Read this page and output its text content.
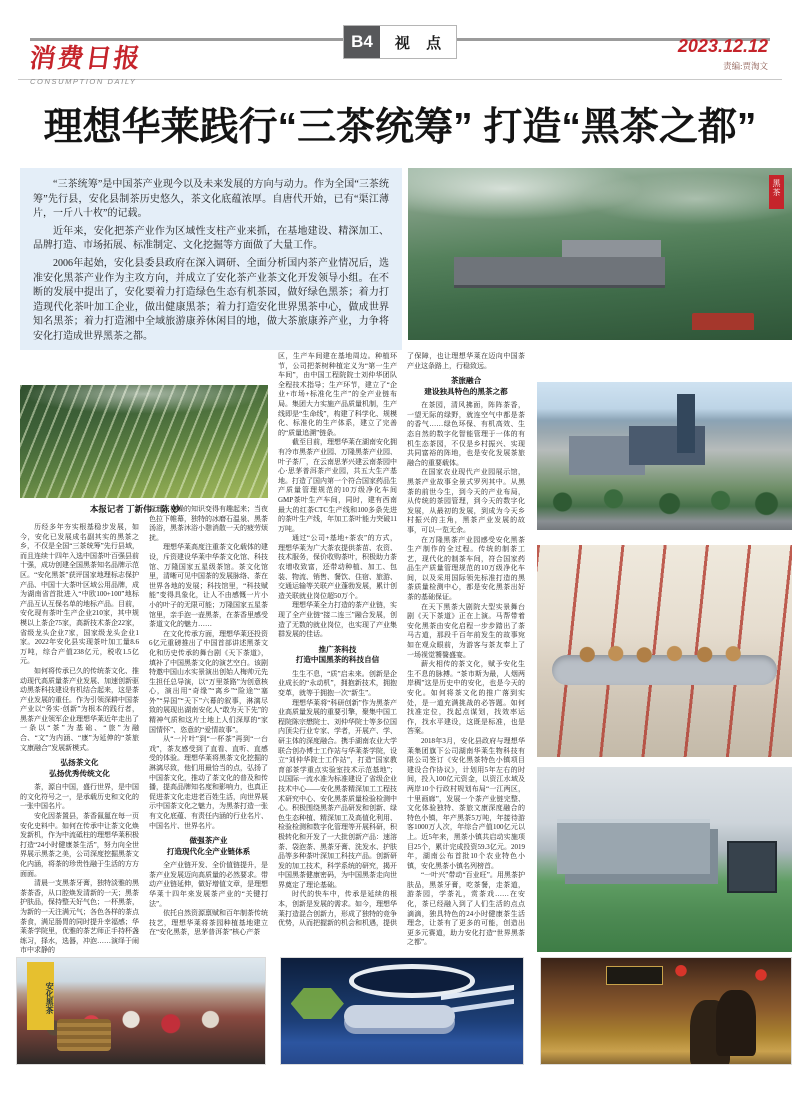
消费日报
CONSUMPTION DAILY
B4	视 点	2023.12.12
责编:贾淘文
理想华莱践行“三茶统筹” 打造“黑茶之都”

“三茶统筹”是中国茶产业现今以及未来发展的方向与动力。作为全国“三茶统筹”先行县，安化县制茶历史悠久，茶文化底蕴浓厚。自唐代开始，已有“渠江薄片，一斤八十枚”的记载。

近年来，安化把茶产业作为区域性支柱产业来抓，在基地建设、精深加工、品牌打造、市场拓展、标准制定、文化挖掘等方面做了大量工作。

2006年起始，安化县委县政府在深入调研、全面分析国内茶产业情况后，选准安化黑茶产业作为主攻方向，并成立了安化茶产业茶文化开发领导小组。在不断的发展中提出了，安化要着力打造绿色生态有机茶园，做好绿色黑茶；着力打造现代化茶叶加工企业，做出健康黑茶；着力打造安化世界黑茶中心，做成世界知名黑茶；着力打造湘中全域旅游康养休闲目的地，做大茶旅康养产业，力争将安化打造成世界黑茶之都。

黑茶
本报记者 丁新伟 □ 陈 妙

历经多年夯实根基稳步发展，如今，安化已发展成名副其实的黑茶之乡，不仅是全国“三茶统筹”先行县域，而且连续十四年入选中国茶叶百强县前十强，成功创建全国黑茶知名品牌示范区。“安化黑茶”获评国家地理标志保护产品、中国十大茶叶区域公用品牌，成为湖南省首批进入“中欧100+100”地标产品互认互保名单的地标产品。目前，安化现有茶叶生产企业210家，其中规模以上茶企75家，高新技术茶企22家，省级龙头企业7家，国家级龙头企业1家。2022年安化县实现茶叶加工量8.6万吨，综合产值238亿元，税收1.5亿元。

如何将传承已久的传统茶文化、推动现代高质量茶产业发展、加速创新驱动黑茶科技建设有机结合起来，这是茶产业发展的重任。作为引领深耕中国茶产业以“务实·创新”为根本的践行者，黑茶产业领军企业理想华莱近年走出了一条以“茶”为基础、“旅”为融合、“文”为内涵、“康”为延伸的“茶旅文康融合”发展新模式。

弘扬茶文化
弘扬优秀传统文化

茶，源自中国，盛行世界，是中国的文化符号之一，是承载历史和文化的一张中国名片。

安化因茶置县，茶香氤氲在每一页安化史料中。如何在传承中让茶文化焕发新机，作为中流砥柱的理想华莱积极打造“24小时健康茶生活”，努力向全世界展示黑茶之美，公司深度挖掘黑茶文化内涵，将茶的珍贵性融于生活的方方面面。

清晨一支黑茶牙膏，独特淡雅的黑茶茶香，从口腔焕发清新的一天；黑茶护肤品，保持整天好气色；一杯黑茶，为新的一天注满元气；各色各样的茶点茶食，满足肠胃的同时提升幸福感；华莱茶学院里，优雅的茶艺师正手持杯盏练习，择水，选器，冲泡……演绎于闹市中求静的

原理，枯燥的知识变得有趣起来；当夜色拉下帷幕，独特的冰磨石温泉、黑茶汤浴，黑茶沐浴小憩消散一天的疲劳烦扰。

理想华莱高度注重茶文化载体的建设，斥资建设华莱中华茶文化馆、科技馆、万隆国家五星级茶馆。茶文化馆里，清晰可见中国茶的发展脉络、茶在世界各地的发展；科技馆里，“科技赋能”变得具象化，让人不由感慨一片小小的叶子的无限可能；万隆国家五星茶馆里，亲手泡一壶黑茶，在茶香里感受茶道文化的魅力……

在文化传承方面，理想华莱还投资6亿元重磅推出了中国首部讲述黑茶文化和历史传承的舞台剧《天下茶道》，填补了中国黑茶文化的演艺空白。该剧特邀中国山水实景演出创始人梅帅元先生担任总导演，以“万里茶路”为创意核心，演出用“奇缘”“离乡”“险途”“塞外”“异国”“天下”六幕的叙事，淋漓尽致的展现出湖南安化人“敢为天下先”的精神气质和这片土地上人们深厚的“家国情怀”、恣意的“爱情故事”。

从“一片叶”到“一杯茶”再到“一台戏”，茶友感受到了直看、直听、直感受的体验。理想华莱将黑茶文化挖掘的淋漓尽致，他们用最恰当的点，弘扬了中国茶文化，推动了茶文化的普及和传播，提高品牌知名度和影响力，也真正促进茶文化走进老百姓生活，向世界展示中国茶文化之魅力，为黑茶打造一张有文化底蕴、有责任内涵的行业名片、中国名片、世界名片。

做强茶产业
打造现代化全产业链体系

全产业链开发、全价值链提升，是茶产业发展迈向高质量的必然要求。带动产业链延伸，做好增值文章，是理想华莱十四年来发展茶产业的“关键打法”。

依托自然资源禀赋和百年制茶传统技艺，理想华莱将茶园种植基地建立在“安化黑茶，思茅普洱茶”核心产茶

区，生产车间建在基地周边。种植环节，公司把茶树种植定义为“第一生产车间”，由中国工程院院士刘仲华团队全程技术指导；生产环节，建立了“企业+市场+标准化生产”的全产业链布局。集团大力实施产品质量机制，生产线即是“生命线”，构建了科学化、规模化、标准化的生产体系，建立了完善的“质量追溯”链条。

截至目前，理想华莱在湖南安化拥有冷市黑茶产业园、万隆黑茶产业园、叶子茶厂，在云南思茅兴建云南茶园中心·思茅普洱茶产业园，共五大生产基地。打造了国内第一个符合国家药品生产质量管理规范的10万级净化车间GMP茶叶生产车间，同时，建有西南最大的红茶CTC生产线和100多条先进的茶叶生产线，年加工茶叶能力突破11万吨。

通过“公司+基地+茶农”的方式，理想华莱为广大茶农提供茶苗、农资、技术服务，保价收购茶叶，积极助力茶农增收致富，还带动种植、加工、包装、物流、销售、餐饮、住宿、旅游、交通运输等关联产业蓬勃发展，累计创造关联就业岗位超50万个。

理想华莱全力打造的茶产业链，实现了全产业链“接二连三”融合发展，创造了无数的就业岗位，也实现了产业集群发展的佳话。

推广茶科技
打造中国黑茶的科技自信

生生不息，“质”启未来。创新是企业成长的“永动机”，拥抱新技术，拥抱变革，就等于拥抱一次“新生”。

理想华莱将“科研创新”作为黑茶产业高质量发展的重要引擎，聚集中国工程院陈宗懋院士、刘仲华院士等多位国内顶尖行业专家、学者，开展产、学、研主体的深度融合。携手湖南农业大学联合创办博士工作站与华莱茶学院，设立“刘仲华院士工作站”，打造“国家教育部茶学重点实验室技术示范基地”；以国际一流水准为标准建设了省级企业技术中心——安化黑茶精深加工工程技术研究中心、安化黑茶质量检验检测中心。积极围绕黑茶产品研发和创新、绿色生态种植、精深加工及高值化利用、检验检测和数字化管理等开展科研，积极转化和开发了一大批创新产品：速溶茶、袋泡茶、黑茶牙膏、洗发水、护肤品等多种茶叶深加工科技产品。创新研发的加工技术，科学系统的研究，揭开中国黑茶健康密码，为中国黑茶走向世界奠定了理论基础。

时代的快车中，传承是延续的根本，创新是发展的需求。如今，理想华莱打造混合创新力，形成了独特的竞争优势，从而把握新的机会和机遇，提供

了保障，也让理想华莱在迈向中国茶产业这条路上，行稳致远。

茶旅融合
建设独具特色的黑茶之都

在茶园，清风拂面，阵阵茶香，一望无际的绿野，就连空气中都是茶的香气……绿色环保、有机高效、生态自然的数字化智能管理于一体的有机生态茶园，不仅是乡村振兴、实现共同富裕的阵地，也是安化发展茶旅融合的重要载体。

在国家农业现代产业园展示馆，黑茶产业故事全景式罗列其中。从黑茶的前世今生，到今天的产业布局，从传统的茶园管理，到今天的数字化发展，从最初的发展，到成为今天乡村振兴的主角，黑茶产业发展的故事，可以一览无余。

在万隆黑茶产业园感受安化黑茶生产制作的全过程。传统的制茶工艺，现代化的制茶车间，符合国家药品生产质量管理规范的10万级净化车间，以及采用国际领先标准打造的黑茶质量检测中心，都是安化黑茶出好茶的基础保证。

在天下黑茶大剧院大型实景舞台剧《天下茶道》正在上演。马帮带着安化黑茶由安化启程一步步踏出了茶马古道，那段千百年前发生的故事宛如在观众眼前，为游客与茶友奉上了一场视觉饕餮盛宴。

薪火相传的茶文化，赋予安化生生不息的脉搏。“茶市斯为最，人烟两岸稠”这是历史中的安化，也是今天的安化。如何将茶文化的推广落到实处，是一道充满挑战的必答题。如何找准定位，找起点谋划，找效率运作，找水平建设，这既是标准，也是答案。

2018年3月，安化县政府与理想华莱集团旗下公司湖南华莱生物科技有限公司签订《安化黑茶特色小镇项目建设合作协议》，计划用5年左右的时间，投入100亿元资金，以资江水域及两岸10个行政村规划布局“一江两区，十里画廊”，发展一个茶产业链完整、文化体验独特、茶旅文康深度融合的特色小镇，年产黑茶5万吨，年接待游客1000万人次，年综合产值100亿元以上。近5年来，黑茶小镇共启动实施项目25个，累计完成投资59.3亿元。2019年，湖南公布首批10个农业特色小镇，安化黑茶小镇名列榜首。

“一叶兴”带动“百业旺”。用黑茶护肤品，黑茶牙膏，吃茶餐，走茶道，游茶园，学茶礼，赏茶戏……在安化，茶已经融入到了人们生活的点点滴滴，独具特色的24小时健康茶生活理念，让茶有了更多的可能，创造出更多元赛道，助力安化打造“世界黑茶之都”。

安化黑茶
